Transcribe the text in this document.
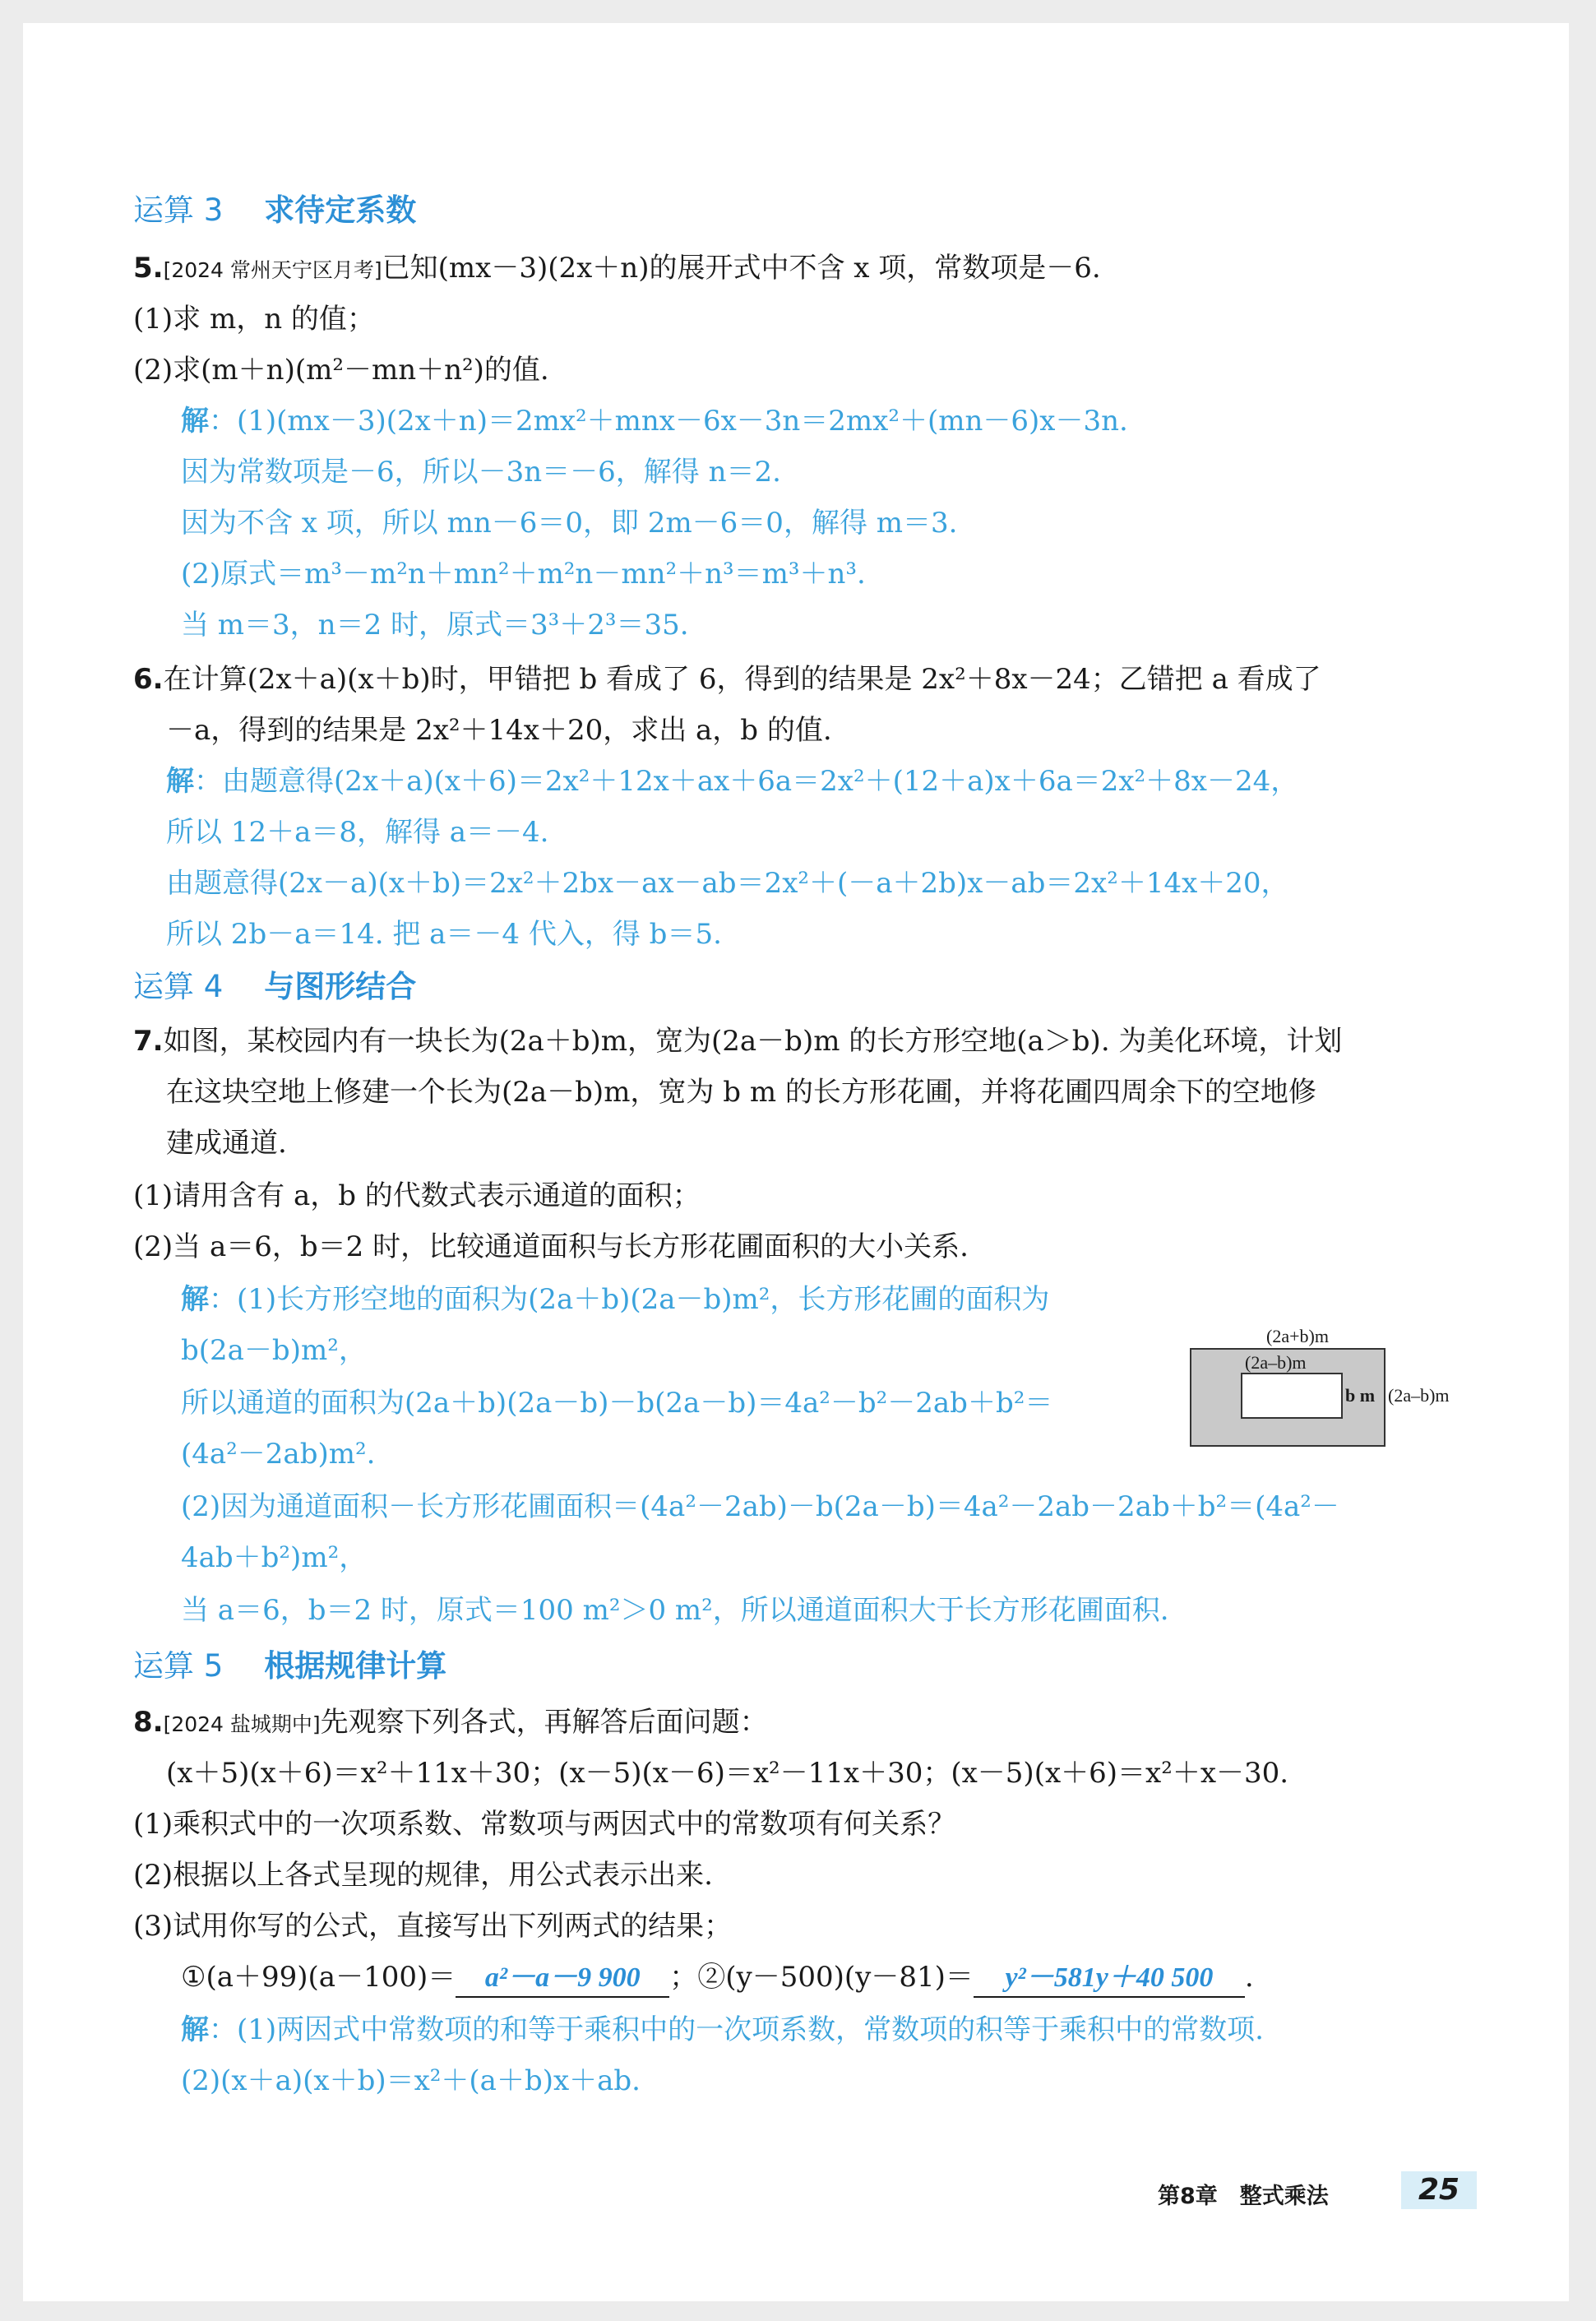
运算 3　 求待定系数
5.[2024 常州天宁区月考]已知(mx－3)(2x＋n)的展开式中不含 x 项，常数项是－6.
(1)求 m，n 的值；
(2)求(m＋n)(m²－mn＋n²)的值.
解：(1)(mx－3)(2x＋n)＝2mx²＋mnx－6x－3n＝2mx²＋(mn－6)x－3n.
因为常数项是－6，所以－3n＝－6，解得 n＝2.
因为不含 x 项，所以 mn－6＝0，即 2m－6＝0，解得 m＝3.
(2)原式＝m³－m²n＋mn²＋m²n－mn²＋n³＝m³＋n³.
当 m＝3，n＝2 时，原式＝3³＋2³＝35.
6.在计算(2x＋a)(x＋b)时，甲错把 b 看成了 6，得到的结果是 2x²＋8x－24；乙错把 a 看成了
－a，得到的结果是 2x²＋14x＋20，求出 a，b 的值.
解：由题意得(2x＋a)(x＋6)＝2x²＋12x＋ax＋6a＝2x²＋(12＋a)x＋6a＝2x²＋8x－24，
所以 12＋a＝8，解得 a＝－4.
由题意得(2x－a)(x＋b)＝2x²＋2bx－ax－ab＝2x²＋(－a＋2b)x－ab＝2x²＋14x＋20，
所以 2b－a＝14. 把 a＝－4 代入，得 b＝5.
运算 4　 与图形结合
7.如图，某校园内有一块长为(2a＋b)m，宽为(2a－b)m 的长方形空地(a＞b). 为美化环境，计划
在这块空地上修建一个长为(2a－b)m，宽为 b m 的长方形花圃，并将花圃四周余下的空地修
建成通道.
(1)请用含有 a，b 的代数式表示通道的面积；
(2)当 a＝6，b＝2 时，比较通道面积与长方形花圃面积的大小关系.
解：(1)长方形空地的面积为(2a＋b)(2a－b)m²，长方形花圃的面积为
b(2a－b)m²，
所以通道的面积为(2a＋b)(2a－b)－b(2a－b)＝4a²－b²－2ab＋b²＝
(4a²－2ab)m².
(2)因为通道面积－长方形花圃面积＝(4a²－2ab)－b(2a－b)＝4a²－2ab－2ab＋b²＝(4a²－
4ab＋b²)m²，
当 a＝6，b＝2 时，原式＝100 m²＞0 m²，所以通道面积大于长方形花圃面积.
(2a+b)m
(2a–b)m
b m (2a–b)m
运算 5　 根据规律计算
8.[2024 盐城期中]先观察下列各式，再解答后面问题：
(x＋5)(x＋6)＝x²＋11x＋30；(x－5)(x－6)＝x²－11x＋30；(x－5)(x＋6)＝x²＋x－30.
(1)乘积式中的一次项系数、常数项与两因式中的常数项有何关系？
(2)根据以上各式呈现的规律，用公式表示出来.
(3)试用你写的公式，直接写出下列两式的结果；
①(a＋99)(a－100)＝ a²－a－9 900 ；②(y－500)(y－81)＝ y²－581y＋40 500 .
解：(1)两因式中常数项的和等于乘积中的一次项系数，常数项的积等于乘积中的常数项.
(2)(x＋a)(x＋b)＝x²＋(a＋b)x＋ab.
第8章　整式乘法	25
